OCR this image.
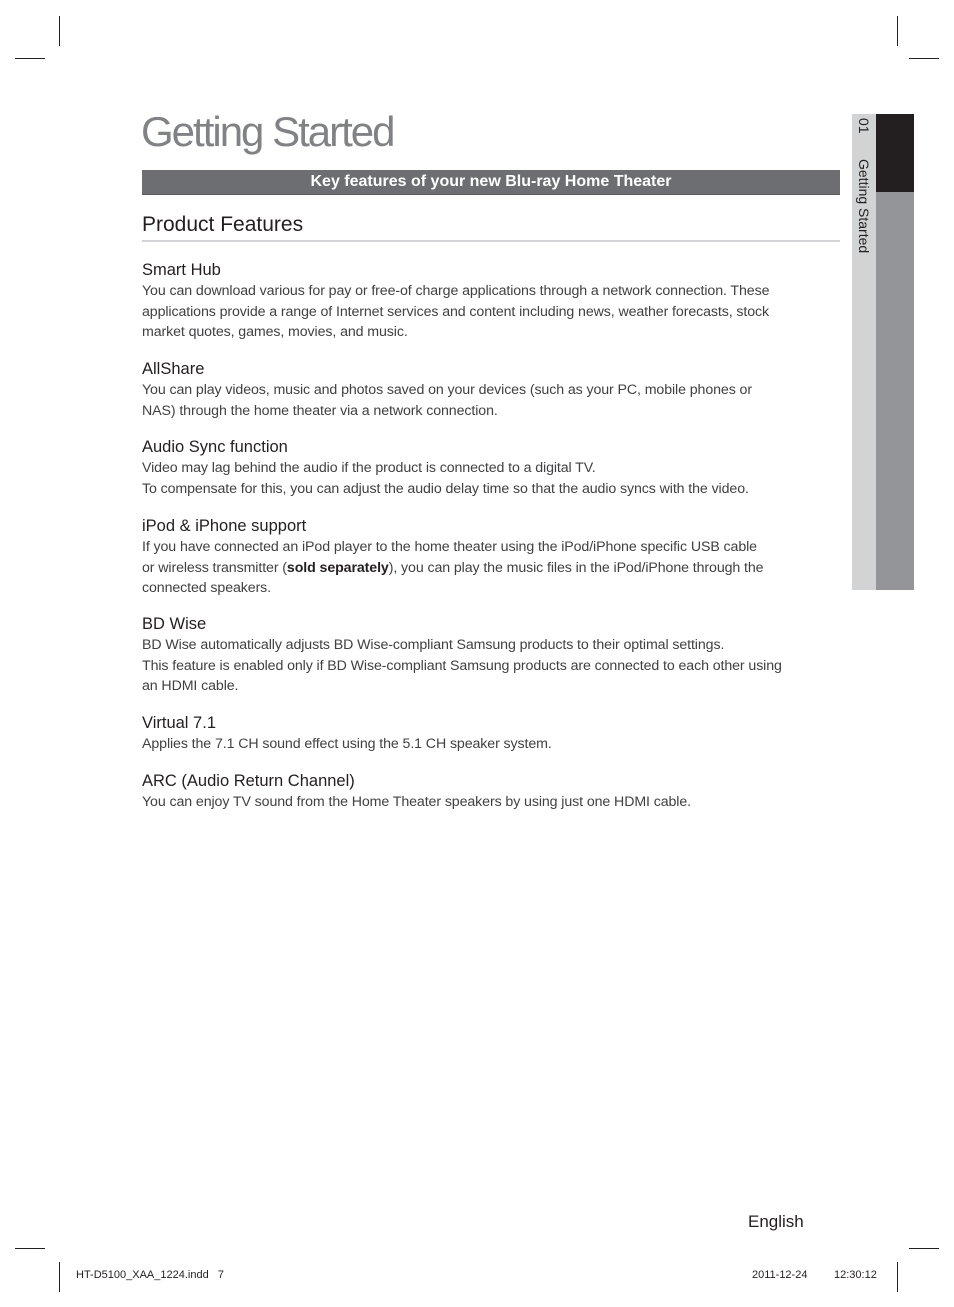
Getting Started
Key features of your new Blu-ray Home Theater
Product Features
Smart Hub

You can download various for pay or free-of charge applications through a network connection. These
applications provide a range of Internet services and content including news, weather forecasts, stock
market quotes, games, movies, and music.

AllShare

You can play videos, music and photos saved on your devices (such as your PC, mobile phones or
NAS) through the home theater via a network connection.

Audio Sync function

Video may lag behind the audio if the product is connected to a digital TV.
To compensate for this, you can adjust the audio delay time so that the audio syncs with the video.

iPod & iPhone support

If you have connected an iPod player to the home theater using the iPod/iPhone specific USB cable
or wireless transmitter (sold separately), you can play the music files in the iPod/iPhone through the
connected speakers.

BD Wise

BD Wise automatically adjusts BD Wise-compliant Samsung products to their optimal settings.
This feature is enabled only if BD Wise-compliant Samsung products are connected to each other using
an HDMI cable.

Virtual 7.1

Applies the 7.1 CH sound effect using the 5.1 CH speaker system.

ARC (Audio Return Channel)

You can enjoy TV sound from the Home Theater speakers by using just one HDMI cable.

01  Getting Started
English
HT-D5100_XAA_1224.indd   7	2011-12-24 12:30:12
